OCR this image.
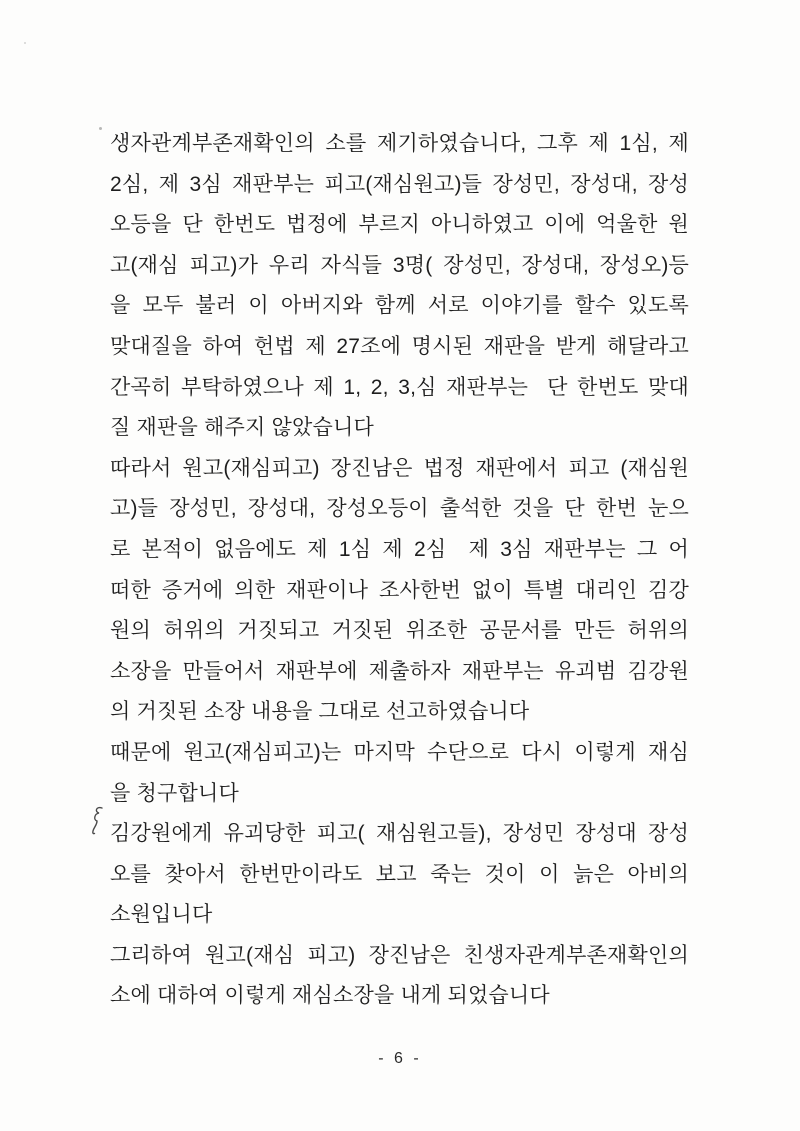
생자관계부존재확인의 소를 제기하였습니다, 그후 제 1심, 제
2심, 제 3심 재판부는 피고(재심원고)들 장성민, 장성대, 장성
오등을 단 한번도 법정에 부르지 아니하였고 이에 억울한 원
고(재심 피고)가 우리 자식들 3명( 장성민, 장성대, 장성오)등
을 모두 불러 이 아버지와 함께 서로 이야기를 할수 있도록
맞대질을 하여 헌법 제 27조에 명시된 재판을 받게 해달라고
간곡히 부탁하였으나 제 1, 2, 3,심 재판부는  단 한번도 맞대
질 재판을 해주지 않았습니다
따라서 원고(재심피고) 장진남은 법정 재판에서 피고 (재심원
고)들 장성민, 장성대, 장성오등이 출석한 것을 단 한번 눈으
로 본적이 없음에도 제 1심 제 2심  제 3심 재판부는 그 어
떠한 증거에 의한 재판이나 조사한번 없이 특별 대리인 김강
원의 허위의 거짓되고 거짓된 위조한 공문서를 만든 허위의
소장을 만들어서 재판부에 제출하자 재판부는 유괴범 김강원
의 거짓된 소장 내용을 그대로 선고하였습니다
때문에 원고(재심피고)는 마지막 수단으로 다시 이렇게 재심
을 청구합니다
김강원에게 유괴당한 피고( 재심원고들), 장성민 장성대 장성
오를 찾아서 한번만이라도 보고 죽는 것이 이 늙은 아비의
소원입니다
그리하여 원고(재심 피고) 장진남은 친생자관계부존재확인의
소에 대하여 이렇게 재심소장을 내게 되었습니다
- 6 -
